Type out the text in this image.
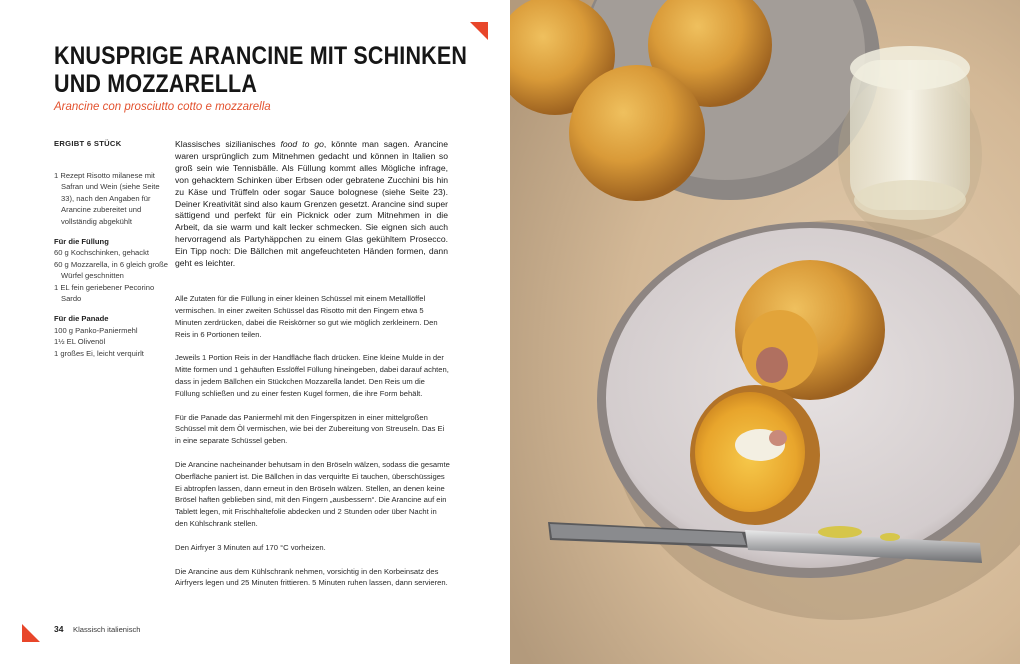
KNUSPRIGE ARANCINE MIT SCHINKEN
UND MOZZARELLA
Arancine con prosciutto cotto e mozzarella
ERGIBT 6 STÜCK
1 Rezept Risotto milanese mit Safran und Wein (siehe Seite 33), nach den Angaben für Arancine zubereitet und vollständig abgekühlt
Für die Füllung
60 g Kochschinken, gehackt
60 g Mozzarella, in 6 gleich große Würfel geschnitten
1 EL fein geriebener Pecorino Sardo
Für die Panade
100 g Panko-Paniermehl
1½ EL Olivenöl
1 großes Ei, leicht verquirlt
Klassisches sizilianisches food to go, könnte man sagen. Arancine waren ursprünglich zum Mitnehmen gedacht und können in Italien so groß sein wie Tennisbälle. Als Füllung kommt alles Mögliche infrage, von gehacktem Schinken über Erbsen oder gebratene Zucchini bis hin zu Käse und Trüffeln oder sogar Sauce bolognese (siehe Seite 23). Deiner Kreativität sind also kaum Grenzen gesetzt. Arancine sind super sättigend und perfekt für ein Picknick oder zum Mitnehmen in die Arbeit, da sie warm und kalt lecker schmecken. Sie eignen sich auch hervorragend als Partyhäppchen zu einem Glas gekühltem Prosecco. Ein Tipp noch: Die Bällchen mit angefeuchteten Händen formen, dann geht es leichter.

Alle Zutaten für die Füllung in einer kleinen Schüssel mit einem Metalllöffel vermischen. In einer zweiten Schüssel das Risotto mit den Fingern etwa 5 Minuten zerdrücken, dabei die Reiskörner so gut wie möglich zerkleinern. Den Reis in 6 Portionen teilen.

Jeweils 1 Portion Reis in der Handfläche flach drücken. Eine kleine Mulde in der Mitte formen und 1 gehäuften Esslöffel Füllung hineingeben, dabei darauf achten, dass in jedem Bällchen ein Stückchen Mozzarella landet. Den Reis um die Füllung schließen und zu einer festen Kugel formen, die ihre Form behält.

Für die Panade das Paniermehl mit den Fingerspitzen in einer mittelgroßen Schüssel mit dem Öl vermischen, wie bei der Zubereitung von Streuseln. Das Ei in eine separate Schüssel geben.

Die Arancine nacheinander behutsam in den Bröseln wälzen, sodass die gesamte Oberfläche paniert ist. Die Bällchen in das verquirlte Ei tauchen, überschüssiges Ei abtropfen lassen, dann erneut in den Bröseln wälzen. Stellen, an denen keine Brösel haften geblieben sind, mit den Fingern „ausbessern“. Die Arancine auf ein Tablett legen, mit Frischhaltefolie abdecken und 2 Stunden oder über Nacht in den Kühlschrank stellen.

Den Airfryer 3 Minuten auf 170 °C vorheizen.

Die Arancine aus dem Kühlschrank nehmen, vorsichtig in den Korbeinsatz des Airfryers legen und 25 Minuten frittieren. 5 Minuten ruhen lassen, dann servieren.

34 Klassisch italienisch
